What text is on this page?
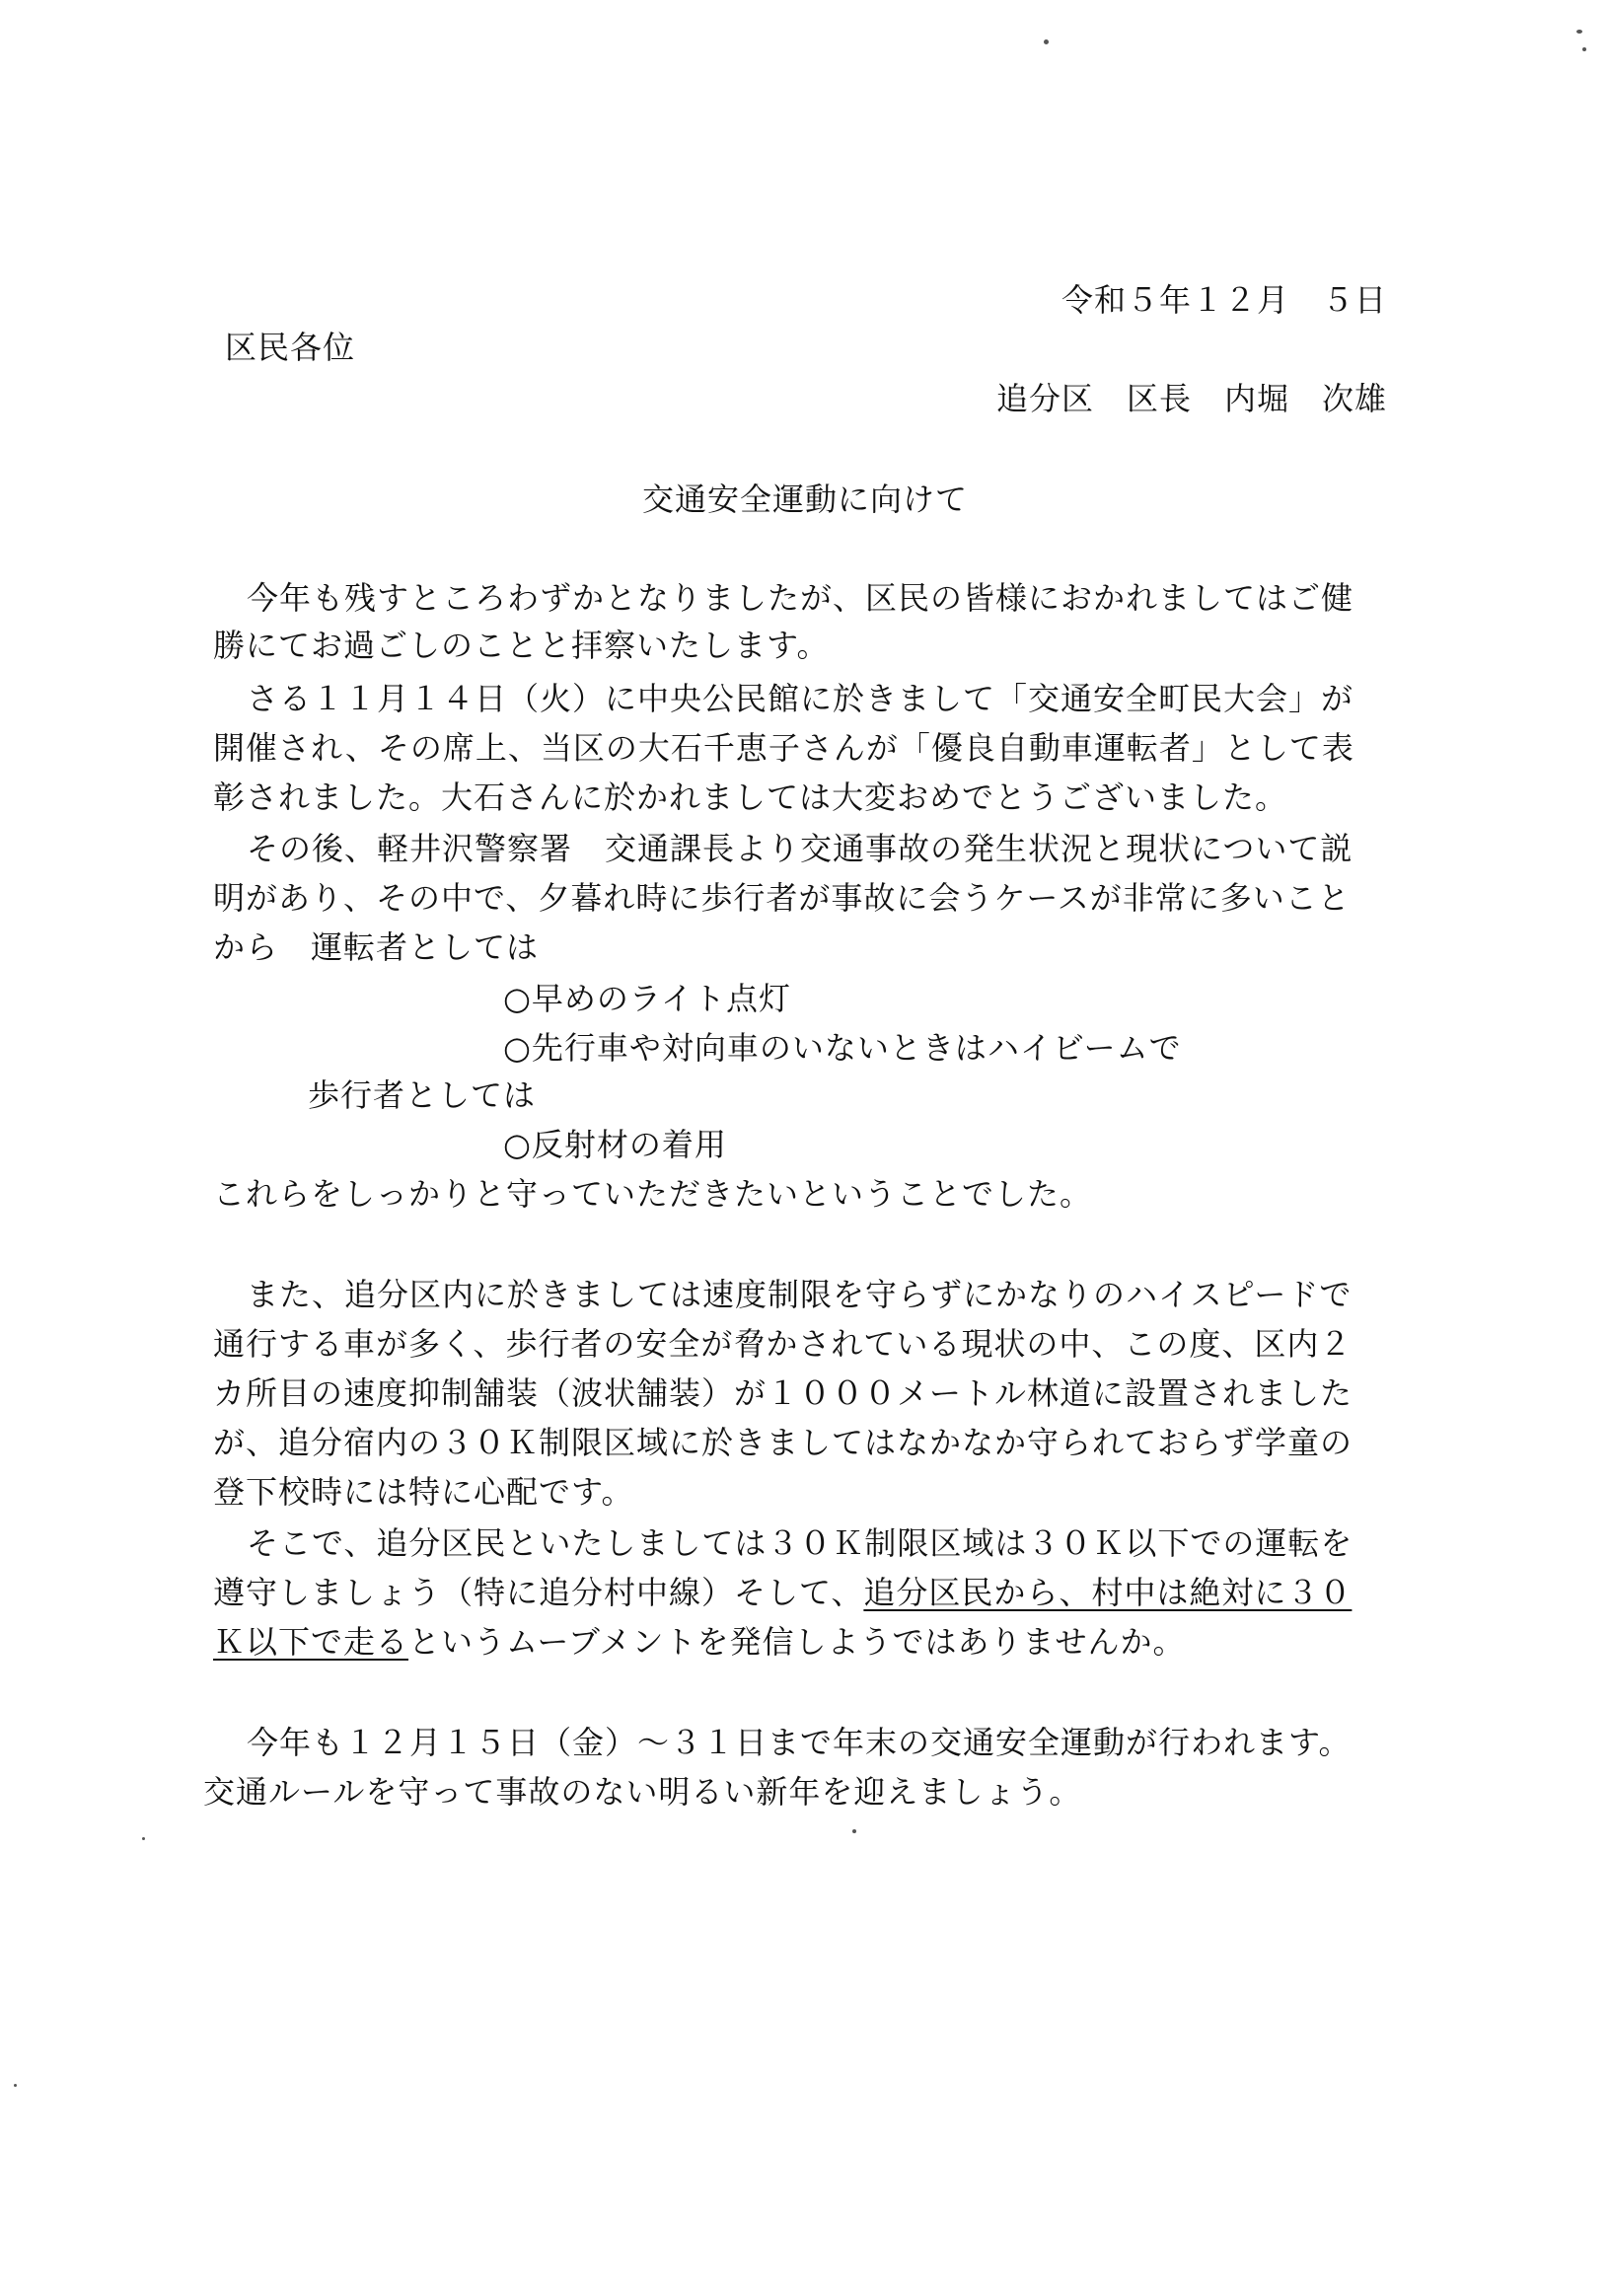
令和５年１２月　５日
区民各位
追分区　区長　内堀　次雄
交通安全運動に向けて
今年も残すところわずかとなりましたが、区民の皆様におかれましてはご健
勝にてお過ごしのことと拝察いたします。
さる１１月１４日（火）に中央公民館に於きまして「交通安全町民大会」が
開催され、その席上、当区の大石千恵子さんが「優良自動車運転者」として表
彰されました。大石さんに於かれましては大変おめでとうございました。
その後、軽井沢警察署　交通課長より交通事故の発生状況と現状について説
明があり、その中で、夕暮れ時に歩行者が事故に会うケースが非常に多いこと
から　運転者としては
○早めのライト点灯
○先行車や対向車のいないときはハイビームで
歩行者としては
○反射材の着用
これらをしっかりと守っていただきたいということでした。
また、追分区内に於きましては速度制限を守らずにかなりのハイスピードで
通行する車が多く、歩行者の安全が脅かされている現状の中、この度、区内２
カ所目の速度抑制舗装（波状舗装）が１０００メートル林道に設置されました
が、追分宿内の３０Ｋ制限区域に於きましてはなかなか守られておらず学童の
登下校時には特に心配です。
そこで、追分区民といたしましては３０Ｋ制限区域は３０Ｋ以下での運転を
遵守しましょう（特に追分村中線）そして、追分区民から、村中は絶対に３０
Ｋ以下で走るというムーブメントを発信しようではありませんか。
今年も１２月１５日（金）～３１日まで年末の交通安全運動が行われます。
交通ルールを守って事故のない明るい新年を迎えましょう。
